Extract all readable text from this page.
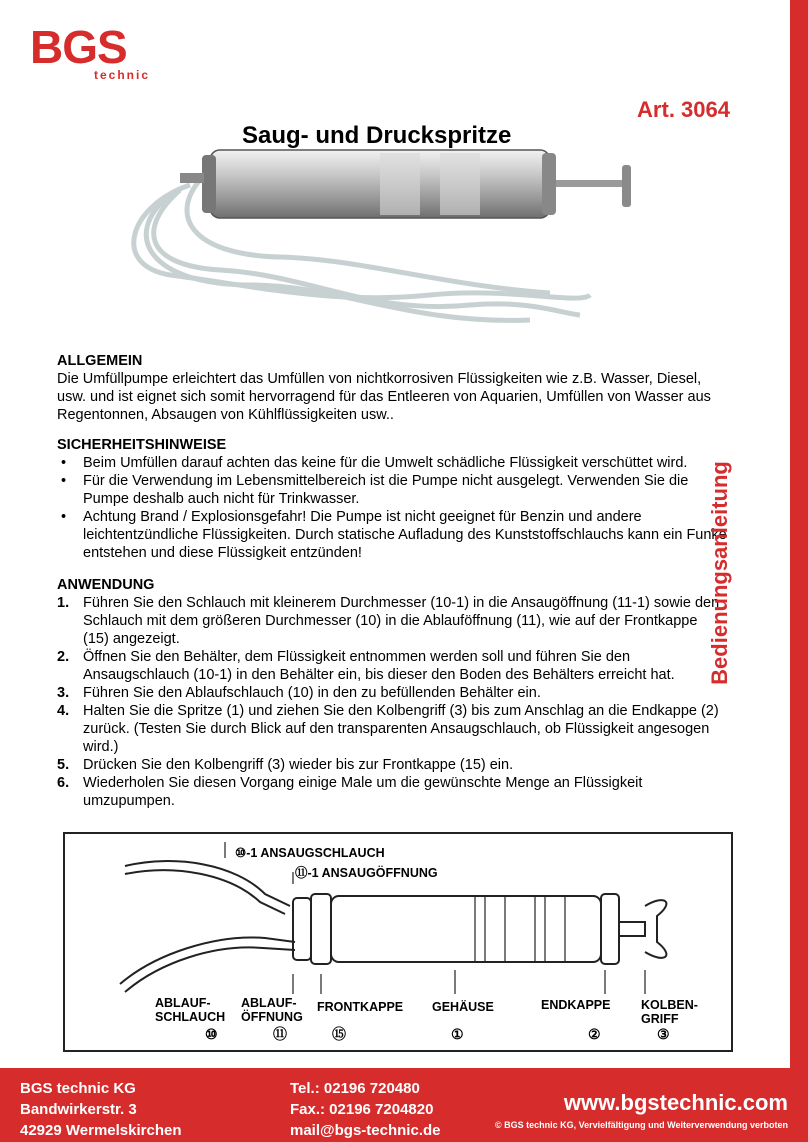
BGS
technic
Art. 3064
Saug- und Druckspritze
ALLGEMEIN
Die Umfüllpumpe erleichtert das Umfüllen von nichtkorrosiven Flüssigkeiten wie z.B. Wasser, Diesel, usw. und ist eignet sich somit hervorragend für das Entleeren von Aquarien, Umfüllen von Wasser aus Regentonnen, Absaugen von Kühlflüssigkeiten usw..
SICHERHEITSHINWEISE
• Beim Umfüllen darauf achten das keine für die Umwelt schädliche Flüssigkeit verschüttet wird.
• Für die Verwendung im Lebensmittelbereich ist die Pumpe nicht ausgelegt. Verwenden Sie die Pumpe deshalb auch nicht für Trinkwasser.
• Achtung Brand / Explosionsgefahr! Die Pumpe ist nicht geeignet für Benzin und andere leichtentzündliche Flüssigkeiten. Durch statische Aufladung des Kunststoffschlauchs kann ein Funke entstehen und diese Flüssigkeit entzünden!
ANWENDUNG
1. Führen Sie den Schlauch mit kleinerem Durchmesser (10-1) in die Ansaugöffnung (11-1) sowie den Schlauch mit dem größeren Durchmesser (10) in die Ablauföffnung (11), wie auf der Frontkappe (15) angezeigt.
2. Öffnen Sie den Behälter, dem Flüssigkeit entnommen werden soll und führen Sie den Ansaugschlauch (10-1) in den Behälter ein, bis dieser den Boden des Behälters erreicht hat.
3. Führen Sie den Ablaufschlauch (10) in den zu befüllenden Behälter ein.
4. Halten Sie die Spritze (1) und ziehen Sie den Kolbengriff (3) bis zum Anschlag an die Endkappe (2) zurück. (Testen Sie durch Blick auf den transparenten Ansaugschlauch, ob Flüssigkeit angesogen wird.)
5. Drücken Sie den Kolbengriff (3) wieder bis zur Frontkappe (15) ein.
6. Wiederholen Sie diesen Vorgang einige Male um die gewünschte Menge an Flüssigkeit umzupumpen.
⑩-1 ANSAUGSCHLAUCH
⑪-1 ANSAUGÖFFNUNG
ABLAUF-
SCHLAUCH
ABLAUF-
ÖFFNUNG
FRONTKAPPE GEHÄUSE	ENDKAPPE KOLBEN-
GRIFF
⑩	⑪	⑮	①	②	③
Bedienungsanleitung
BGS technic KG
Bandwirkerstr. 3
42929 Wermelskirchen
Tel.: 02196 720480
Fax.: 02196 7204820
mail@bgs-technic.de
www.bgstechnic.com
© BGS technic KG, Vervielfältigung und Weiterverwendung verboten
